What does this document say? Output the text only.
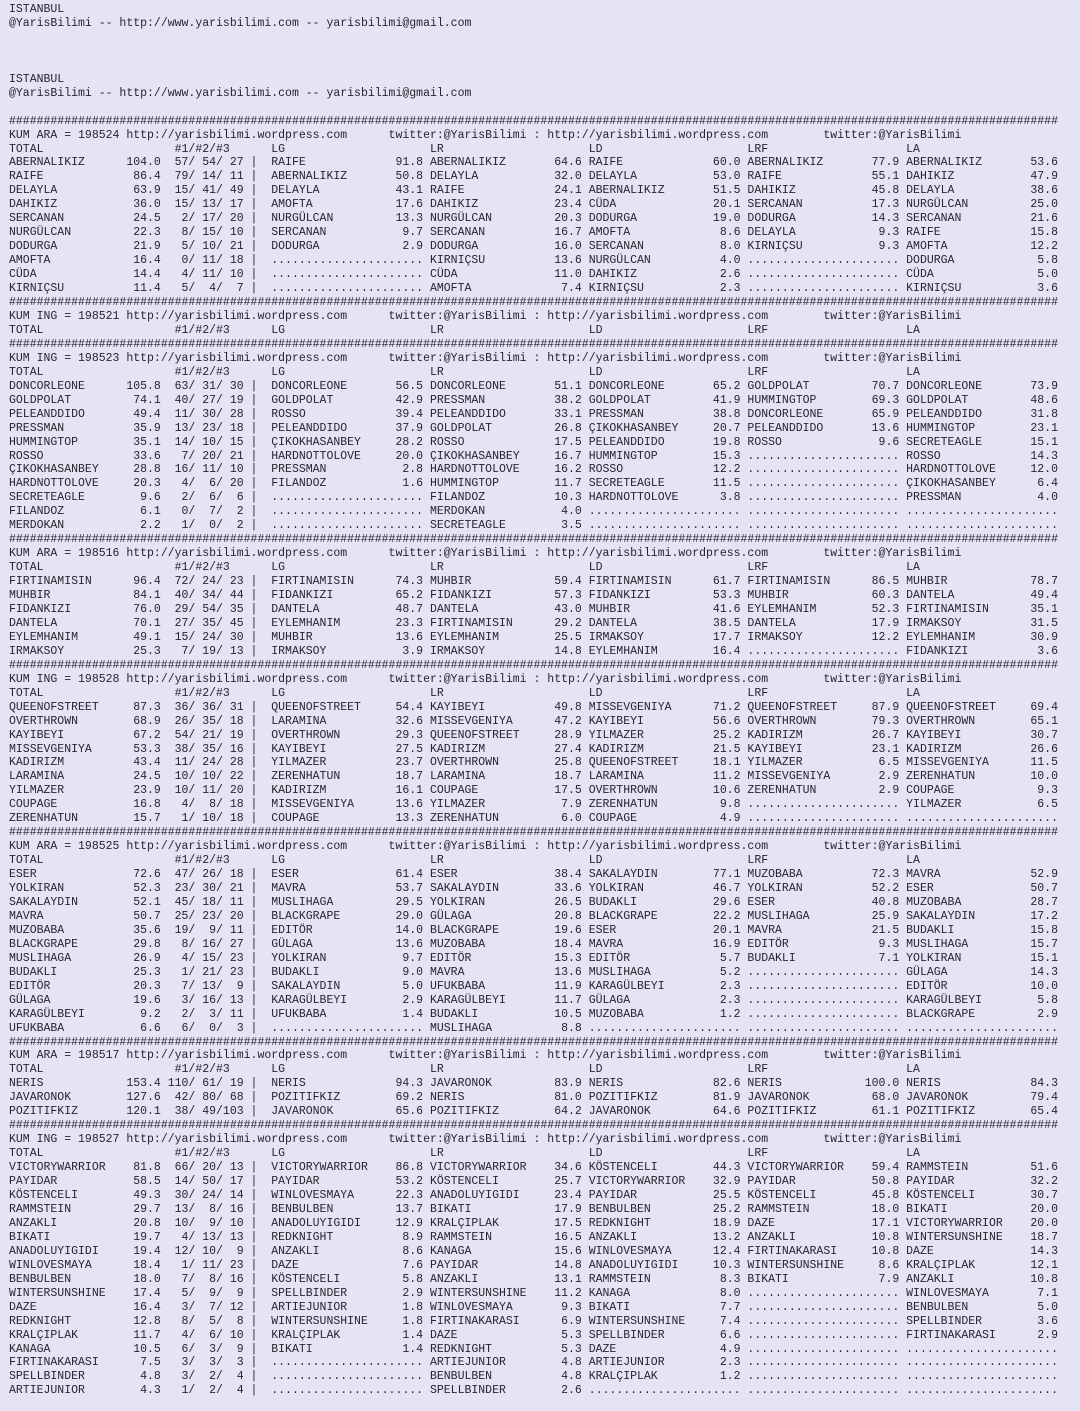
ISTANBUL
@YarisBilimi -- http://www.yarisbilimi.com -- yarisbilimi@gmail.com

ISTANBUL
@YarisBilimi -- http://www.yarisbilimi.com -- yarisbilimi@gmail.com

########################################################################################################################################################
KUM ARA = 198524 http://yarisbilimi.wordpress.com      twitter:@YarisBilimi : http://yarisbilimi.wordpress.com        twitter:@YarisBilimi
TOTAL                   #1/#2/#3      LG                     LR                     LD                     LRF                    LA
ABERNALIKIZ      104.0  57/ 54/ 27 |  RAIFE             91.8 ABERNALIKIZ       64.6 RAIFE             60.0 ABERNALIKIZ       77.9 ABERNALIKIZ       53.6
RAIFE             86.4  79/ 14/ 11 |  ABERNALIKIZ       50.8 DELAYLA           32.0 DELAYLA           53.0 RAIFE             55.1 DAHIKIZ           47.9
DELAYLA           63.9  15/ 41/ 49 |  DELAYLA           43.1 RAIFE             24.1 ABERNALIKIZ       51.5 DAHIKIZ           45.8 DELAYLA           38.6
DAHIKIZ           36.0  15/ 13/ 17 |  AMOFTA            17.6 DAHIKIZ           23.4 CÜDA              20.1 SERCANAN          17.3 NURGÜLCAN         25.0
SERCANAN          24.5   2/ 17/ 20 |  NURGÜLCAN         13.3 NURGÜLCAN         20.3 DODURGA           19.0 DODURGA           14.3 SERCANAN          21.6
NURGÜLCAN         22.3   8/ 15/ 10 |  SERCANAN           9.7 SERCANAN          16.7 AMOFTA             8.6 DELAYLA            9.3 RAIFE             15.8
DODURGA           21.9   5/ 10/ 21 |  DODURGA            2.9 DODURGA           16.0 SERCANAN           8.0 KIRNIÇSU           9.3 AMOFTA            12.2
AMOFTA            16.4   0/ 11/ 18 |  ...................... KIRNIÇSU          13.6 NURGÜLCAN          4.0 ...................... DODURGA            5.8
CÜDA              14.4   4/ 11/ 10 |  ...................... CÜDA              11.0 DAHIKIZ            2.6 ...................... CÜDA               5.0
KIRNIÇSU          11.4   5/  4/  7 |  ...................... AMOFTA             7.4 KIRNIÇSU           2.3 ...................... KIRNIÇSU           3.6
########################################################################################################################################################
KUM ING = 198521 http://yarisbilimi.wordpress.com      twitter:@YarisBilimi : http://yarisbilimi.wordpress.com        twitter:@YarisBilimi
TOTAL                   #1/#2/#3      LG                     LR                     LD                     LRF                    LA
########################################################################################################################################################
KUM ING = 198523 http://yarisbilimi.wordpress.com      twitter:@YarisBilimi : http://yarisbilimi.wordpress.com        twitter:@YarisBilimi
TOTAL                   #1/#2/#3      LG                     LR                     LD                     LRF                    LA
DONCORLEONE      105.8  63/ 31/ 30 |  DONCORLEONE       56.5 DONCORLEONE       51.1 DONCORLEONE       65.2 GOLDPOLAT         70.7 DONCORLEONE       73.9
GOLDPOLAT         74.1  40/ 27/ 19 |  GOLDPOLAT         42.9 PRESSMAN          38.2 GOLDPOLAT         41.9 HUMMINGTOP        69.3 GOLDPOLAT         48.6
PELEANDDIDO       49.4  11/ 30/ 28 |  ROSSO             39.4 PELEANDDIDO       33.1 PRESSMAN          38.8 DONCORLEONE       65.9 PELEANDDIDO       31.8
PRESSMAN          35.9  13/ 23/ 18 |  PELEANDDIDO       37.9 GOLDPOLAT         26.8 ÇIKOKHASANBEY     20.7 PELEANDDIDO       13.6 HUMMINGTOP        23.1
HUMMINGTOP        35.1  14/ 10/ 15 |  ÇIKOKHASANBEY     28.2 ROSSO             17.5 PELEANDDIDO       19.8 ROSSO              9.6 SECRETEAGLE       15.1
ROSSO             33.6   7/ 20/ 21 |  HARDNOTTOLOVE     20.0 ÇIKOKHASANBEY     16.7 HUMMINGTOP        15.3 ...................... ROSSO             14.3
ÇIKOKHASANBEY     28.8  16/ 11/ 10 |  PRESSMAN           2.8 HARDNOTTOLOVE     16.2 ROSSO             12.2 ...................... HARDNOTTOLOVE     12.0
HARDNOTTOLOVE     20.3   4/  6/ 20 |  FILANDOZ           1.6 HUMMINGTOP        11.7 SECRETEAGLE       11.5 ...................... ÇIKOKHASANBEY      6.4
SECRETEAGLE        9.6   2/  6/  6 |  ...................... FILANDOZ          10.3 HARDNOTTOLOVE      3.8 ...................... PRESSMAN           4.0
FILANDOZ           6.1   0/  7/  2 |  ...................... MERDOKAN           4.0 ...................... ...................... ......................
MERDOKAN           2.2   1/  0/  2 |  ...................... SECRETEAGLE        3.5 ...................... ...................... ......................
########################################################################################################################################################
KUM ARA = 198516 http://yarisbilimi.wordpress.com      twitter:@YarisBilimi : http://yarisbilimi.wordpress.com        twitter:@YarisBilimi
TOTAL                   #1/#2/#3      LG                     LR                     LD                     LRF                    LA
FIRTINAMISIN      96.4  72/ 24/ 23 |  FIRTINAMISIN      74.3 MUHBIR            59.4 FIRTINAMISIN      61.7 FIRTINAMISIN      86.5 MUHBIR            78.7
MUHBIR            84.1  40/ 34/ 44 |  FIDANKIZI         65.2 FIDANKIZI         57.3 FIDANKIZI         53.3 MUHBIR            60.3 DANTELA           49.4
FIDANKIZI         76.0  29/ 54/ 35 |  DANTELA           48.7 DANTELA           43.0 MUHBIR            41.6 EYLEMHANIM        52.3 FIRTINAMISIN      35.1
DANTELA           70.1  27/ 35/ 45 |  EYLEMHANIM        23.3 FIRTINAMISIN      29.2 DANTELA           38.5 DANTELA           17.9 IRMAKSOY          31.5
EYLEMHANIM        49.1  15/ 24/ 30 |  MUHBIR            13.6 EYLEMHANIM        25.5 IRMAKSOY          17.7 IRMAKSOY          12.2 EYLEMHANIM        30.9
IRMAKSOY          25.3   7/ 19/ 13 |  IRMAKSOY           3.9 IRMAKSOY          14.8 EYLEMHANIM        16.4 ...................... FIDANKIZI          3.6
########################################################################################################################################################
KUM ING = 198528 http://yarisbilimi.wordpress.com      twitter:@YarisBilimi : http://yarisbilimi.wordpress.com        twitter:@YarisBilimi
TOTAL                   #1/#2/#3      LG                     LR                     LD                     LRF                    LA
QUEENOFSTREET     87.3  36/ 36/ 31 |  QUEENOFSTREET     54.4 KAYIBEYI          49.8 MISSEVGENIYA      71.2 QUEENOFSTREET     87.9 QUEENOFSTREET     69.4
OVERTHROWN        68.9  26/ 35/ 18 |  LARAMINA          32.6 MISSEVGENIYA      47.2 KAYIBEYI          56.6 OVERTHROWN        79.3 OVERTHROWN        65.1
KAYIBEYI          67.2  54/ 21/ 19 |  OVERTHROWN        29.3 QUEENOFSTREET     28.9 YILMAZER          25.2 KADIRIZM          26.7 KAYIBEYI          30.7
MISSEVGENIYA      53.3  38/ 35/ 16 |  KAYIBEYI          27.5 KADIRIZM          27.4 KADIRIZM          21.5 KAYIBEYI          23.1 KADIRIZM          26.6
KADIRIZM          43.4  11/ 24/ 28 |  YILMAZER          23.7 OVERTHROWN        25.8 QUEENOFSTREET     18.1 YILMAZER           6.5 MISSEVGENIYA      11.5
LARAMINA          24.5  10/ 10/ 22 |  ZERENHATUN        18.7 LARAMINA          18.7 LARAMINA          11.2 MISSEVGENIYA       2.9 ZERENHATUN        10.0
YILMAZER          23.9  10/ 11/ 20 |  KADIRIZM          16.1 COUPAGE           17.5 OVERTHROWN        10.6 ZERENHATUN         2.9 COUPAGE            9.3
COUPAGE           16.8   4/  8/ 18 |  MISSEVGENIYA      13.6 YILMAZER           7.9 ZERENHATUN         9.8 ...................... YILMAZER           6.5
ZERENHATUN        15.7   1/ 10/ 18 |  COUPAGE           13.3 ZERENHATUN         6.0 COUPAGE            4.9 ...................... ......................
########################################################################################################################################################
KUM ARA = 198525 http://yarisbilimi.wordpress.com      twitter:@YarisBilimi : http://yarisbilimi.wordpress.com        twitter:@YarisBilimi
TOTAL                   #1/#2/#3      LG                     LR                     LD                     LRF                    LA
ESER              72.6  47/ 26/ 18 |  ESER              61.4 ESER              38.4 SAKALAYDIN        77.1 MUZOBABA          72.3 MAVRA             52.9
YOLKIRAN          52.3  23/ 30/ 21 |  MAVRA             53.7 SAKALAYDIN        33.6 YOLKIRAN          46.7 YOLKIRAN          52.2 ESER              50.7
SAKALAYDIN        52.1  45/ 18/ 11 |  MUSLIHAGA         29.5 YOLKIRAN          26.5 BUDAKLI           29.6 ESER              40.8 MUZOBABA          28.7
MAVRA             50.7  25/ 23/ 20 |  BLACKGRAPE        29.0 GÜLAGA            20.8 BLACKGRAPE        22.2 MUSLIHAGA         25.9 SAKALAYDIN        17.2
MUZOBABA          35.6  19/  9/ 11 |  EDITÖR            14.0 BLACKGRAPE        19.6 ESER              20.1 MAVRA             21.5 BUDAKLI           15.8
BLACKGRAPE        29.8   8/ 16/ 27 |  GÜLAGA            13.6 MUZOBABA          18.4 MAVRA             16.9 EDITÖR             9.3 MUSLIHAGA         15.7
MUSLIHAGA         26.9   4/ 15/ 23 |  YOLKIRAN           9.7 EDITÖR            15.3 EDITÖR             5.7 BUDAKLI            7.1 YOLKIRAN          15.1
BUDAKLI           25.3   1/ 21/ 23 |  BUDAKLI            9.0 MAVRA             13.6 MUSLIHAGA          5.2 ...................... GÜLAGA            14.3
EDITÖR            20.3   7/ 13/  9 |  SAKALAYDIN         5.0 UFUKBABA          11.9 KARAGÜLBEYI        2.3 ...................... EDITÖR            10.0
GÜLAGA            19.6   3/ 16/ 13 |  KARAGÜLBEYI        2.9 KARAGÜLBEYI       11.7 GÜLAGA             2.3 ...................... KARAGÜLBEYI        5.8
KARAGÜLBEYI        9.2   2/  3/ 11 |  UFUKBABA           1.4 BUDAKLI           10.5 MUZOBABA           1.2 ...................... BLACKGRAPE         2.9
UFUKBABA           6.6   6/  0/  3 |  ...................... MUSLIHAGA          8.8 ...................... ...................... ......................
########################################################################################################################################################
KUM ARA = 198517 http://yarisbilimi.wordpress.com      twitter:@YarisBilimi : http://yarisbilimi.wordpress.com        twitter:@YarisBilimi
TOTAL                   #1/#2/#3      LG                     LR                     LD                     LRF                    LA
NERIS            153.4 110/ 61/ 19 |  NERIS             94.3 JAVARONOK         83.9 NERIS             82.6 NERIS            100.0 NERIS             84.3
JAVARONOK        127.6  42/ 80/ 68 |  POZITIFKIZ        69.2 NERIS             81.0 POZITIFKIZ        81.9 JAVARONOK         68.0 JAVARONOK         79.4
POZITIFKIZ       120.1  38/ 49/103 |  JAVARONOK         65.6 POZITIFKIZ        64.2 JAVARONOK         64.6 POZITIFKIZ        61.1 POZITIFKIZ        65.4
########################################################################################################################################################
KUM ING = 198527 http://yarisbilimi.wordpress.com      twitter:@YarisBilimi : http://yarisbilimi.wordpress.com        twitter:@YarisBilimi
TOTAL                   #1/#2/#3      LG                     LR                     LD                     LRF                    LA
VICTORYWARRIOR    81.8  66/ 20/ 13 |  VICTORYWARRIOR    86.8 VICTORYWARRIOR    34.6 KÖSTENCELI        44.3 VICTORYWARRIOR    59.4 RAMMSTEIN         51.6
PAYIDAR           58.5  14/ 50/ 17 |  PAYIDAR           53.2 KÖSTENCELI        25.7 VICTORYWARRIOR    32.9 PAYIDAR           50.8 PAYIDAR           32.2
KÖSTENCELI        49.3  30/ 24/ 14 |  WINLOVESMAYA      22.3 ANADOLUYIGIDI     23.4 PAYIDAR           25.5 KÖSTENCELI        45.8 KÖSTENCELI        30.7
RAMMSTEIN         29.7  13/  8/ 16 |  BENBULBEN         13.7 BIKATI            17.9 BENBULBEN         25.2 RAMMSTEIN         18.0 BIKATI            20.0
ANZAKLI           20.8  10/  9/ 10 |  ANADOLUYIGIDI     12.9 KRALÇIPLAK        17.5 REDKNIGHT         18.9 DAZE              17.1 VICTORYWARRIOR    20.0
BIKATI            19.7   4/ 13/ 13 |  REDKNIGHT          8.9 RAMMSTEIN         16.5 ANZAKLI           13.2 ANZAKLI           10.8 WINTERSUNSHINE    18.7
ANADOLUYIGIDI     19.4  12/ 10/  9 |  ANZAKLI            8.6 KANAGA            15.6 WINLOVESMAYA      12.4 FIRTINAKARASI     10.8 DAZE              14.3
WINLOVESMAYA      18.4   1/ 11/ 23 |  DAZE               7.6 PAYIDAR           14.8 ANADOLUYIGIDI     10.3 WINTERSUNSHINE     8.6 KRALÇIPLAK        12.1
BENBULBEN         18.0   7/  8/ 16 |  KÖSTENCELI         5.8 ANZAKLI           13.1 RAMMSTEIN          8.3 BIKATI             7.9 ANZAKLI           10.8
WINTERSUNSHINE    17.4   5/  9/  9 |  SPELLBINDER        2.9 WINTERSUNSHINE    11.2 KANAGA             8.0 ...................... WINLOVESMAYA       7.1
DAZE              16.4   3/  7/ 12 |  ARTIEJUNIOR        1.8 WINLOVESMAYA       9.3 BIKATI             7.7 ...................... BENBULBEN          5.0
REDKNIGHT         12.8   8/  5/  8 |  WINTERSUNSHINE     1.8 FIRTINAKARASI      6.9 WINTERSUNSHINE     7.4 ...................... SPELLBINDER        3.6
KRALÇIPLAK        11.7   4/  6/ 10 |  KRALÇIPLAK         1.4 DAZE               5.3 SPELLBINDER        6.6 ...................... FIRTINAKARASI      2.9
KANAGA            10.5   6/  3/  9 |  BIKATI             1.4 REDKNIGHT          5.3 DAZE               4.9 ...................... ......................
FIRTINAKARASI      7.5   3/  3/  3 |  ...................... ARTIEJUNIOR        4.8 ARTIEJUNIOR        2.3 ...................... ......................
SPELLBINDER        4.8   3/  2/  4 |  ...................... BENBULBEN          4.8 KRALÇIPLAK         1.2 ...................... ......................
ARTIEJUNIOR        4.3   1/  2/  4 |  ...................... SPELLBINDER        2.6 ...................... ...................... ......................
